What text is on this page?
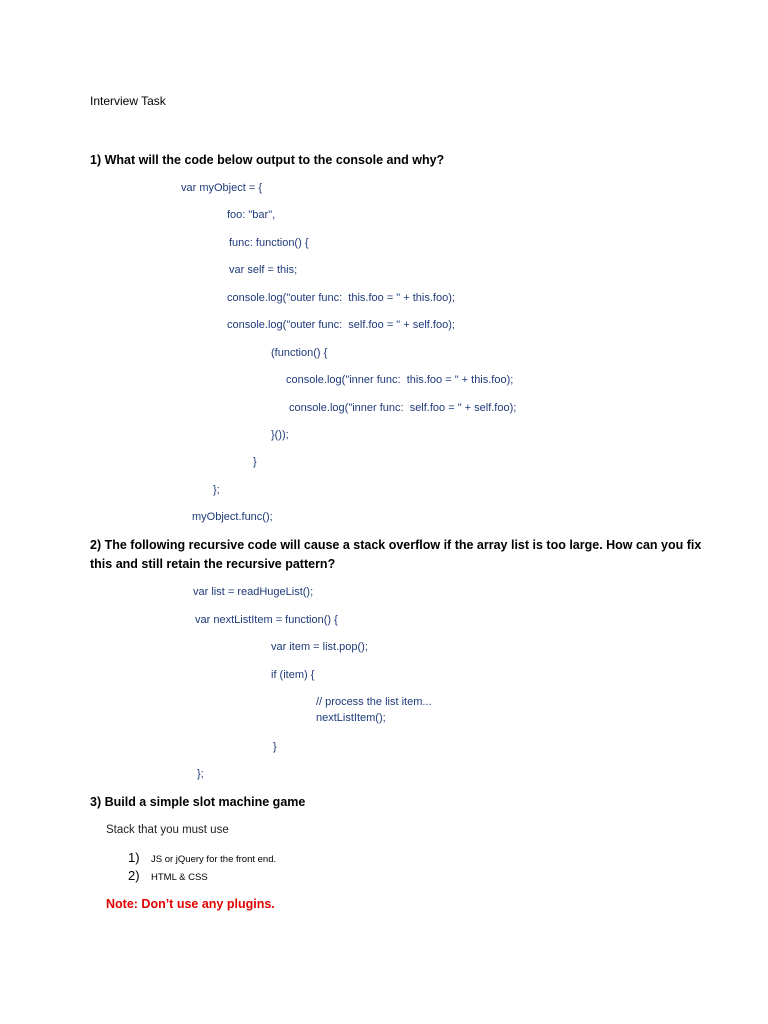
Interview Task
1) What will the code below output to the console and why?
var myObject = {
foo: "bar",
func: function() {
var self = this;
console.log("outer func:  this.foo = " + this.foo);
console.log("outer func:  self.foo = " + self.foo);
(function() {
console.log("inner func:  this.foo = " + this.foo);
console.log("inner func:  self.foo = " + self.foo);
}());
}
};
myObject.func();
2) The following recursive code will cause a stack overflow if the array list is too large. How can you fix
this and still retain the recursive pattern?
var list = readHugeList();
var nextListItem = function() {
var item = list.pop();
if (item) {
// process the list item...
nextListItem();
}
};
3) Build a simple slot machine game
Stack that you must use
1) JS or jQuery for the front end.
2) HTML & CSS
Note: Don’t use any plugins.
